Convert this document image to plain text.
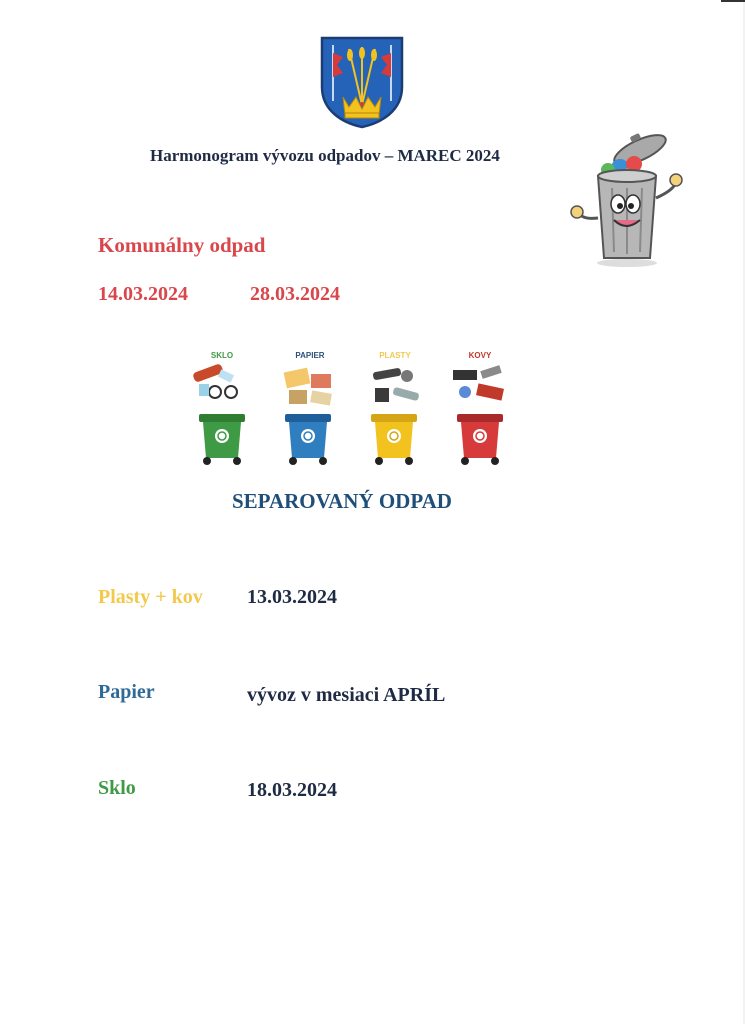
Harmonogram vývozu odpadov – MAREC 2024
Komunálny odpad
14.03.2024	28.03.2024
SKLO	PAPIER	PLASTY	KOVY
SEPAROVANÝ ODPAD
Plasty + kov 13.03.2024
Papier	vývoz v mesiaci APRÍL
Sklo	18.03.2024
